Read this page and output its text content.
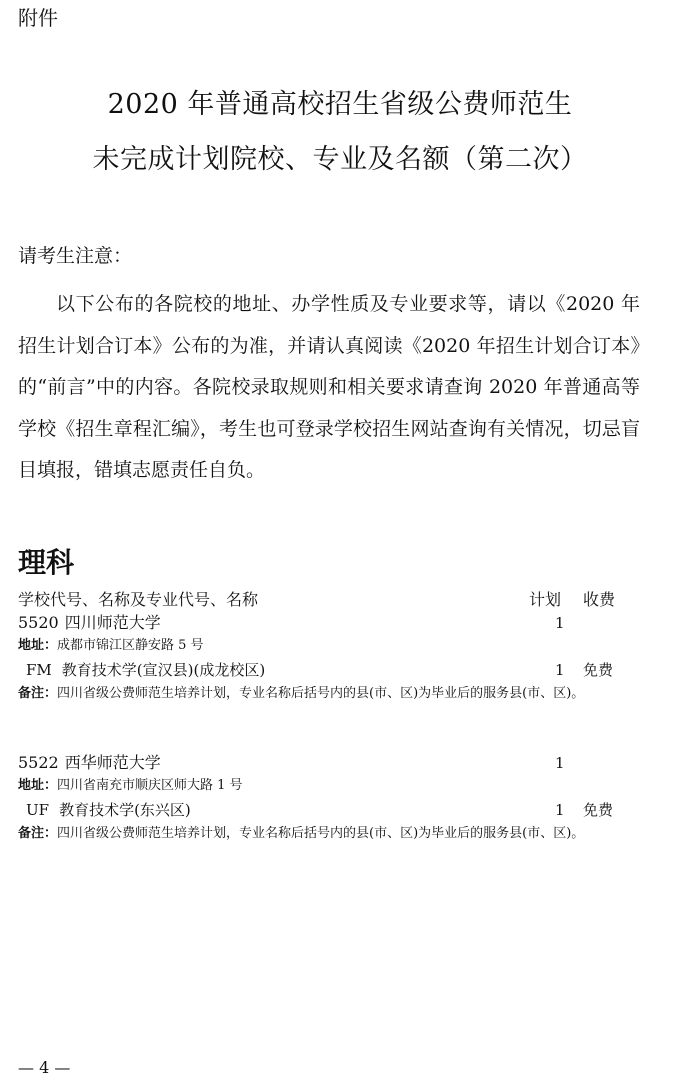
附件
2020 年普通高校招生省级公费师范生
未完成计划院校、专业及名额（第二次）
请考生注意：

以下公布的各院校的地址、办学性质及专业要求等，请以《2020 年招生计划合订本》公布的为准，并请认真阅读《2020 年招生计划合订本》的“前言”中的内容。各院校录取规则和相关要求请查询 2020 年普通高等学校《招生章程汇编》，考生也可登录学校招生网站查询有关情况，切忌盲目填报，错填志愿责任自负。

理科
学校代号、名称及专业代号、名称	计划 收费
5520 四川师范大学	1
地址：成都市锦江区静安路 5 号
FM 教育技术学(宣汉县)(成龙校区)	1 免费

备注：四川省级公费师范生培养计划，专业名称后括号内的县(市、区)为毕业后的服务县(市、区)。

5522 西华师范大学	1
地址：四川省南充市顺庆区师大路 1 号
UF 教育技术学(东兴区)	1 免费

备注：四川省级公费师范生培养计划，专业名称后括号内的县(市、区)为毕业后的服务县(市、区)。

— 4 —
